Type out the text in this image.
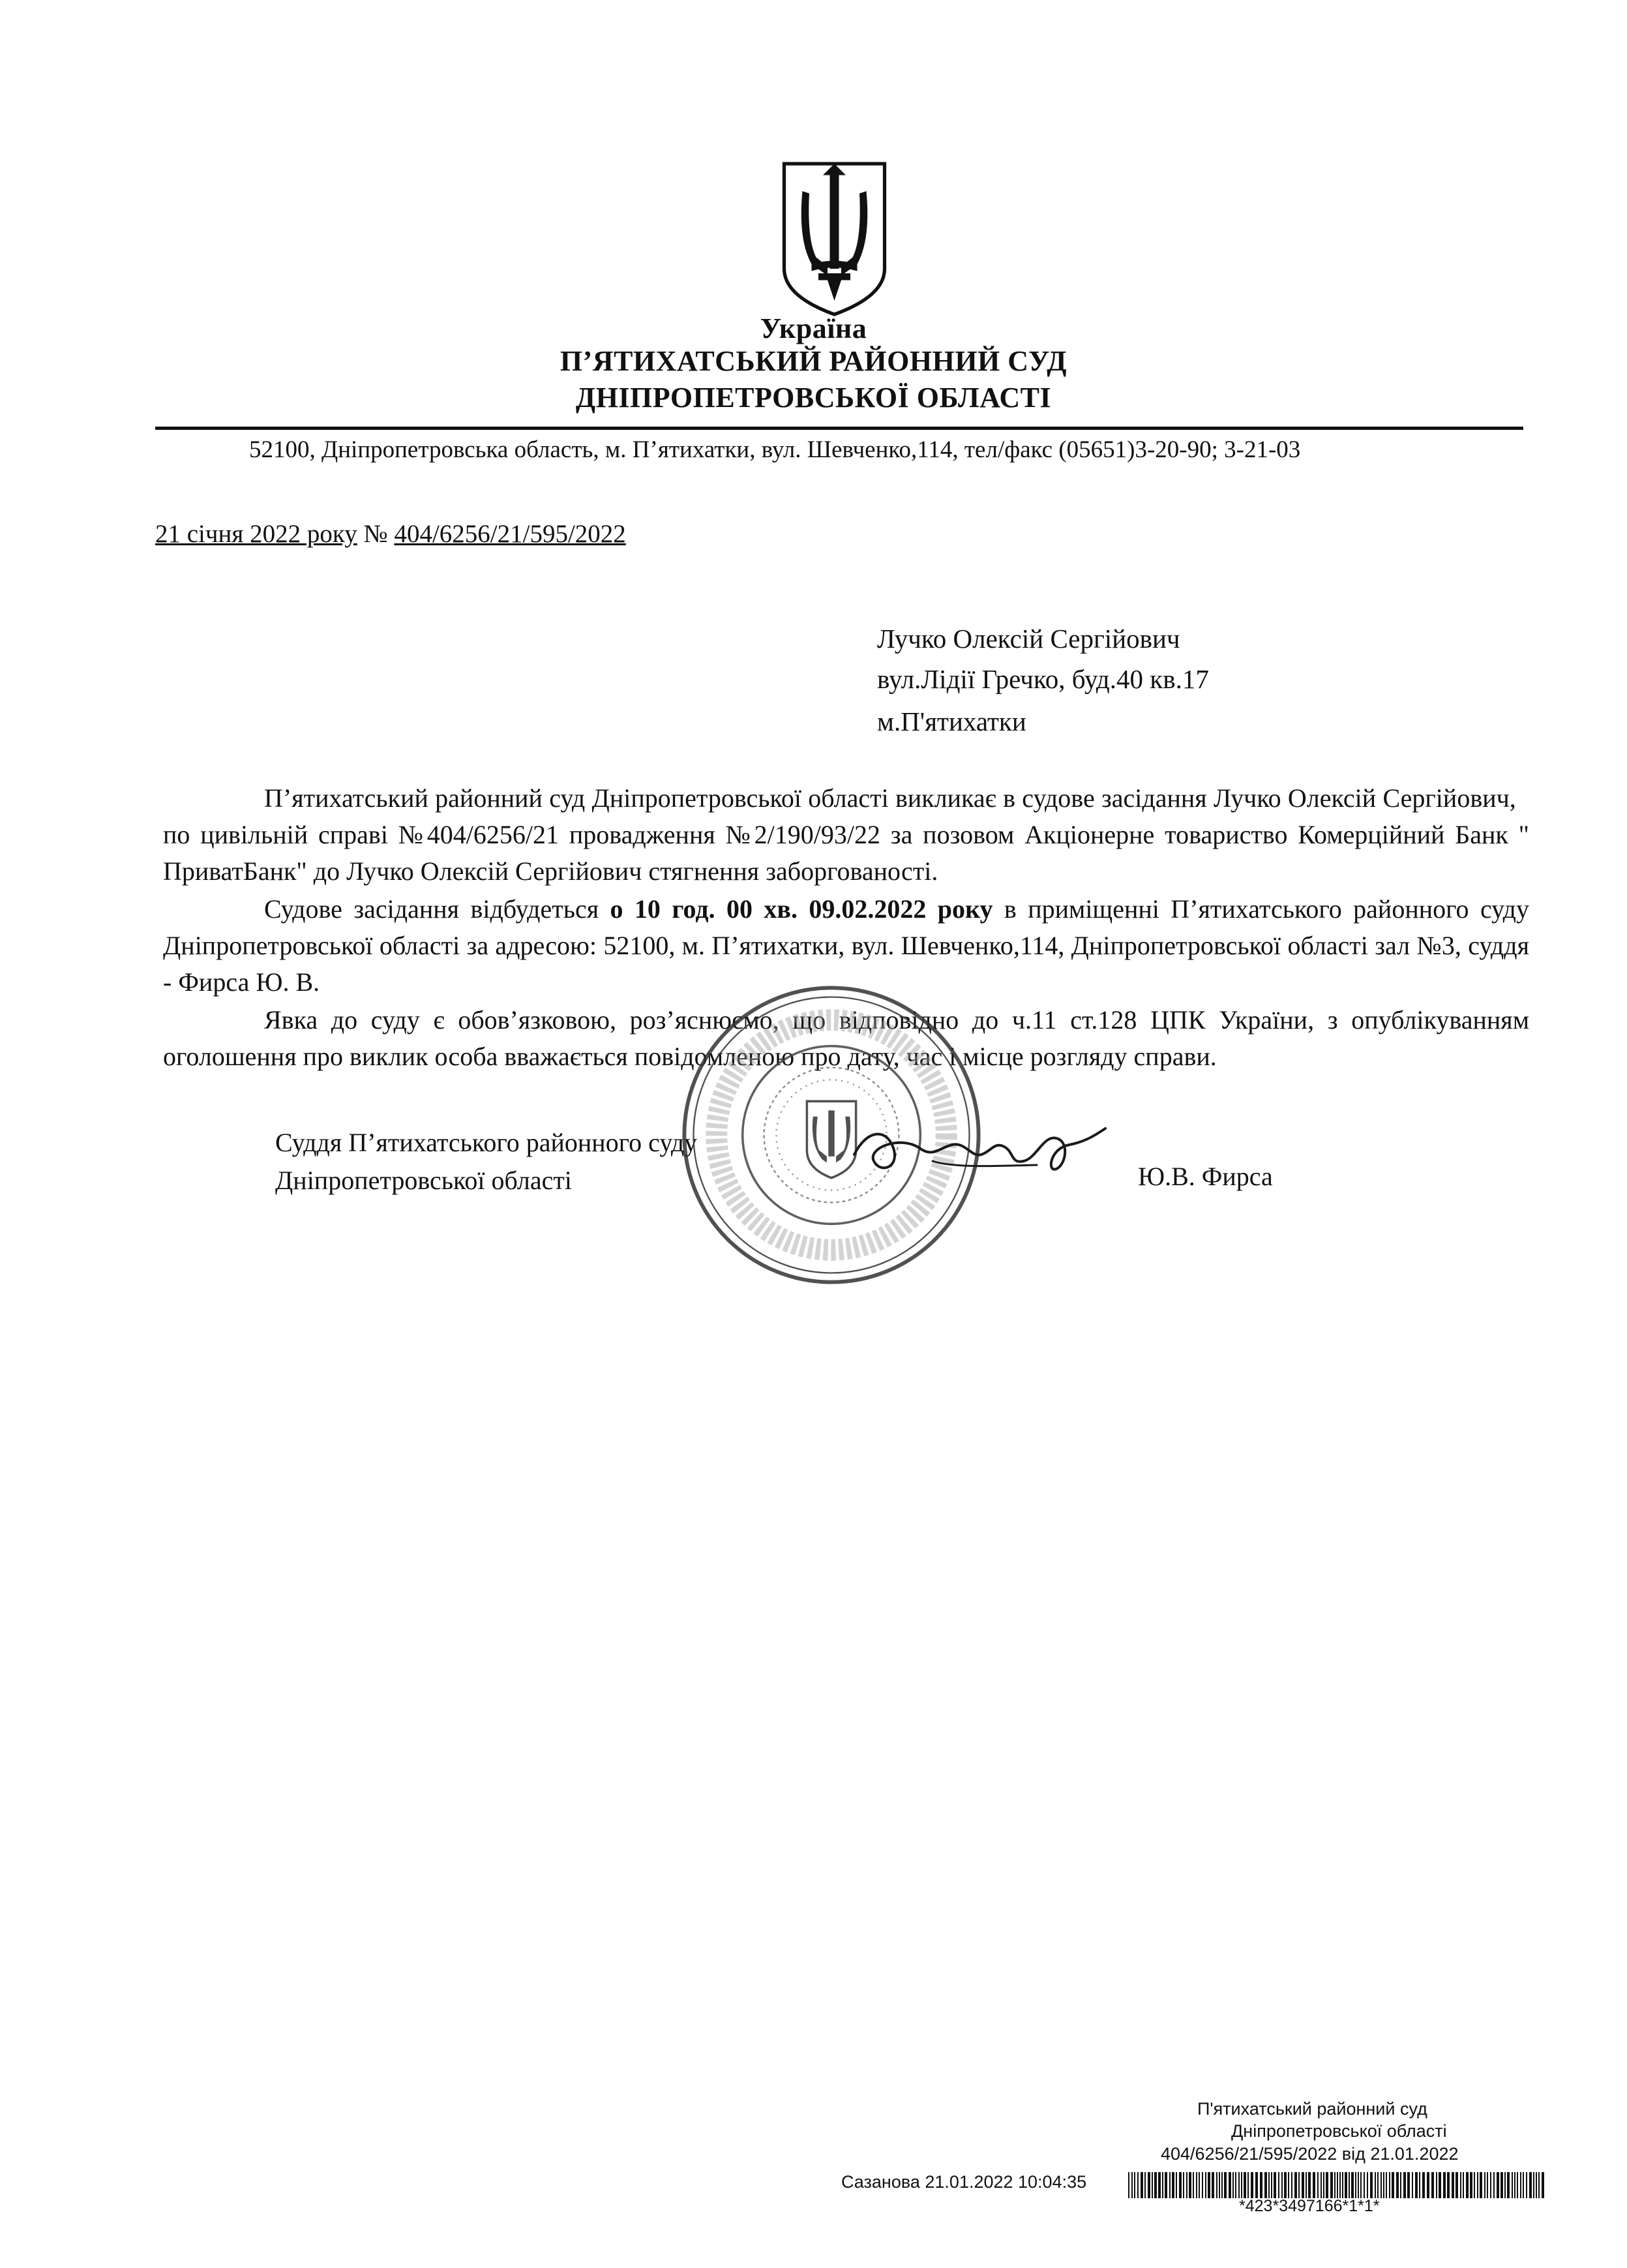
Україна
П’ЯТИХАТСЬКИЙ РАЙОННИЙ СУД
ДНІПРОПЕТРОВСЬКОЇ ОБЛАСТІ
52100, Дніпропетровська область, м. П’ятихатки, вул. Шевченко,114, тел/факс (05651)3-20-90; 3-21-03
21 січня 2022 року № 404/6256/21/595/2022
Лучко Олексій Сергійович
вул.Лідії Гречко, буд.40 кв.17
м.П'ятихатки
П’ятихатський районний суд Дніпропетровської області викликає в судове засідання Лучко Олексій Сергійович,   по цивільній справі №404/6256/21 провадження №2/190/93/22 за позовом Акціонерне товариство Комерційний Банк " ПриватБанк" до Лучко Олексій Сергійович стягнення заборгованості.
Судове засідання відбудеться о 10 год. 00 хв. 09.02.2022 року в приміщенні П’ятихатського районного суду Дніпропетровської області за адресою: 52100, м. П’ятихатки, вул. Шевченко,114, Дніпропетровської області зал №3, суддя - Фирса Ю. В.
Явка до суду є обов’язковою, роз’яснюємо, що відповідно до ч.11 ст.128 ЦПК України, з опублікуванням оголошення про виклик особа вважається повідомленою про дату, час і місце розгляду справи.
Суддя П’ятихатського районного суду
Дніпропетровської області	Ю.В. Фирса
П'ятихатський районний суд
Дніпропетровської області
404/6256/21/595/2022 від 21.01.2022
Сазанова 21.01.2022 10:04:35
*423*3497166*1*1*
